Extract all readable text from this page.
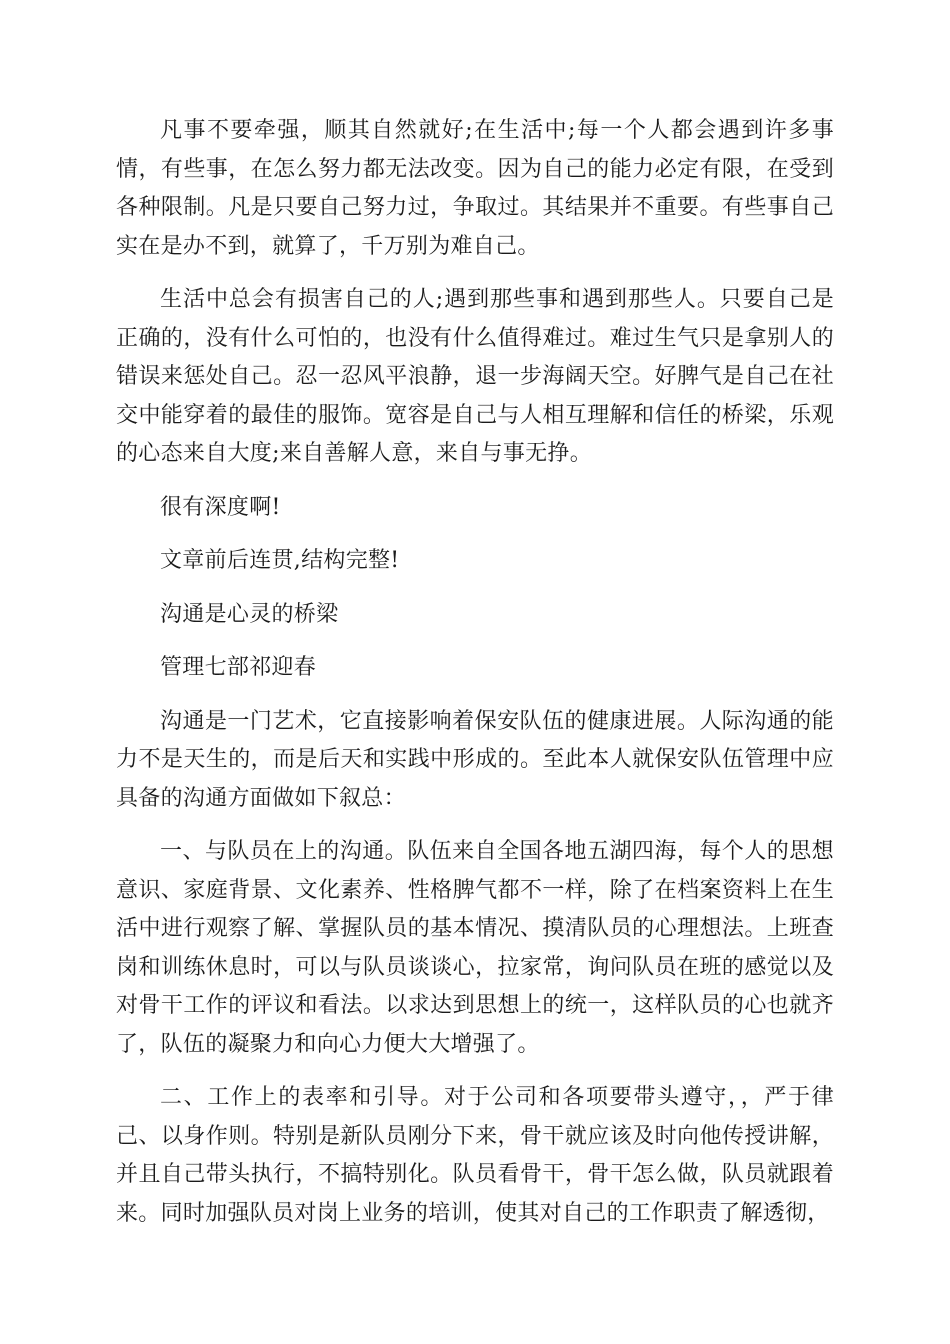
凡事不要牵强，顺其自然就好;在生活中;每一个人都会遇到许多事情，有些事，在怎么努力都无法改变。因为自己的能力必定有限，在受到各种限制。凡是只要自己努力过，争取过。其结果并不重要。有些事自己实在是办不到，就算了，千万别为难自己。

生活中总会有损害自己的人;遇到那些事和遇到那些人。只要自己是正确的，没有什么可怕的，也没有什么值得难过。难过生气只是拿别人的错误来惩处自己。忍一忍风平浪静，退一步海阔天空。好脾气是自己在社交中能穿着的最佳的服饰。宽容是自己与人相互理解和信任的桥梁，乐观的心态来自大度;来自善解人意，来自与事无挣。

很有深度啊!

文章前后连贯,结构完整!

沟通是心灵的桥梁

管理七部祁迎春

沟通是一门艺术，它直接影响着保安队伍的健康进展。人际沟通的能力不是天生的，而是后天和实践中形成的。至此本人就保安队伍管理中应具备的沟通方面做如下叙总：

一、与队员在上的沟通。队伍来自全国各地五湖四海，每个人的思想意识、家庭背景、文化素养、性格脾气都不一样，除了在档案资料上在生活中进行观察了解、掌握队员的基本情况、摸清队员的心理想法。上班查岗和训练休息时，可以与队员谈谈心，拉家常，询问队员在班的感觉以及对骨干工作的评议和看法。以求达到思想上的统一，这样队员的心也就齐了，队伍的凝聚力和向心力便大大增强了。

二、工作上的表率和引导。对于公司和各项要带头遵守，，严于律己、以身作则。特别是新队员刚分下来，骨干就应该及时向他传授讲解，并且自己带头执行，不搞特别化。队员看骨干，骨干怎么做，队员就跟着来。同时加强队员对岗上业务的培训，使其对自己的工作职责了解透彻，
